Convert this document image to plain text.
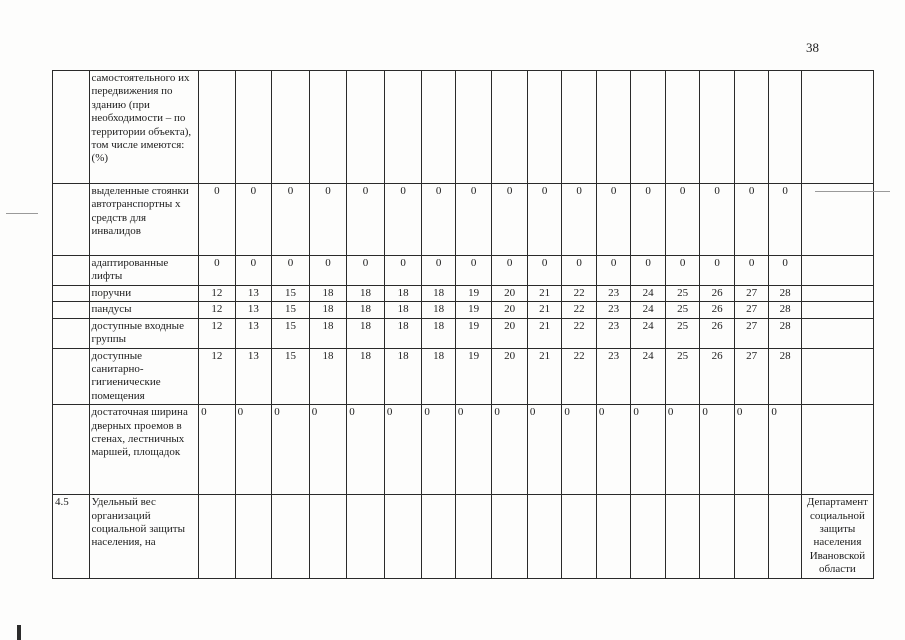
38
	самостоятельного их передвижения по зданию (при необходимости – по территории объекта), том числе имеются: (%)																		
	выделенные стоянки автотранспортны х средств для инвалидов	0	0	0	0	0	0	0	0	0	0	0	0	0	0	0	0	0	
	адаптированные лифты	0	0	0	0	0	0	0	0	0	0	0	0	0	0	0	0	0	
	поручни	12	13	15	18	18	18	18	19	20	21	22	23	24	25	26	27	28	
	пандусы	12	13	15	18	18	18	18	19	20	21	22	23	24	25	26	27	28	
	доступные входные группы	12	13	15	18	18	18	18	19	20	21	22	23	24	25	26	27	28	
	доступные санитарно-гигиенические помещения	12	13	15	18	18	18	18	19	20	21	22	23	24	25	26	27	28	
	достаточная ширина дверных проемов в стенах, лестничных маршей, площадок	0	0	0	0	0	0	0	0	0	0	0	0	0	0	0	0	0	
4.5	Удельный вес организаций социальной защиты населения, на																		Департамент социальной защиты населения Ивановской области
